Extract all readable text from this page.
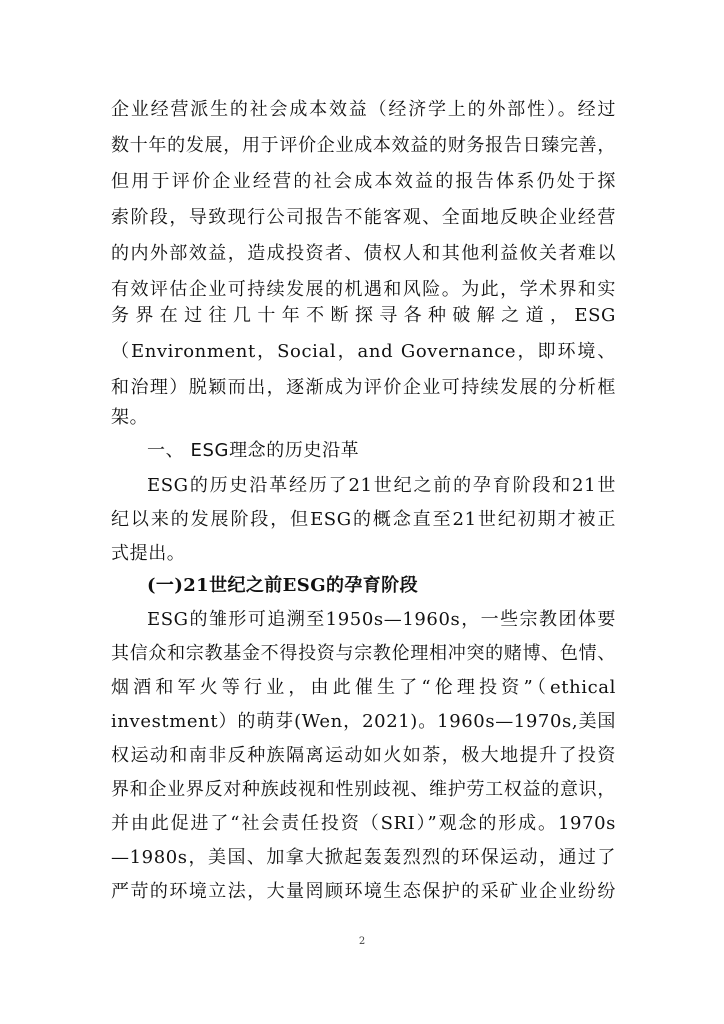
企业经营派生的社会成本效益（经济学上的外部性）。经过
数十年的发展，用于评价企业成本效益的财务报告日臻完善，
但用于评价企业经营的社会成本效益的报告体系仍处于探
索阶段，导致现行公司报告不能客观、全面地反映企业经营
的内外部效益，造成投资者、债权人和其他利益攸关者难以
有效评估企业可持续发展的机遇和风险。为此，学术界和实
务界在过往几十年不断探寻各种破解之道，ESG
（Environment，Social，and Governance，即环境、
和治理）脱颖而出，逐渐成为评价企业可持续发展的分析框
架。
一、 ESG理念的历史沿革
ESG的历史沿革经历了21世纪之前的孕育阶段和21世
纪以来的发展阶段，但ESG的概念直至21世纪初期才被正
式提出。
(一)21世纪之前ESG的孕育阶段
ESG的雏形可追溯至1950s—1960s，一些宗教团体要
其信众和宗教基金不得投资与宗教伦理相冲突的赌博、色情、
烟酒和军火等行业，由此催生了“伦理投资”（ethical
investment）的萌芽(Wen，2021)。1960s—1970s,美国
权运动和南非反种族隔离运动如火如荼，极大地提升了投资
界和企业界反对种族歧视和性别歧视、维护劳工权益的意识，
并由此促进了“社会责任投资（SRI）”观念的形成。1970s
—1980s，美国、加拿大掀起轰轰烈烈的环保运动，通过了
严苛的环境立法，大量罔顾环境生态保护的采矿业企业纷纷
2
